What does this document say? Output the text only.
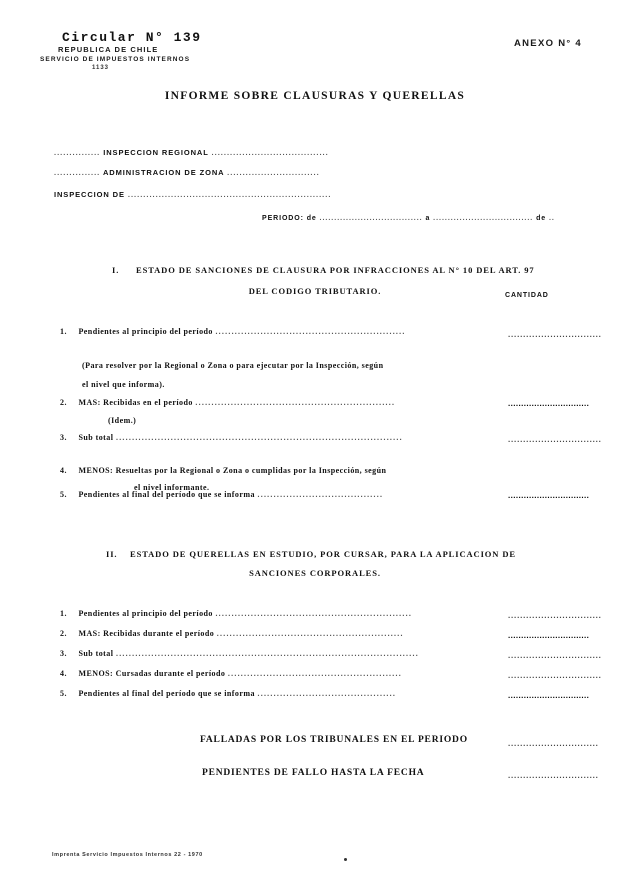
Circular N° 139
REPUBLICA DE CHILE
SERVICIO DE IMPUESTOS INTERNOS
1133
ANEXO N° 4
INFORME SOBRE CLAUSURAS Y QUERELLAS
............... INSPECCION REGIONAL ......................................
............... ADMINISTRACION DE ZONA ..............................
INSPECCION DE ..................................................................
PERIODO: de ................................... a .................................. de ..
I. ESTADO DE SANCIONES DE CLAUSURA POR INFRACCIONES AL N° 10 DEL ART. 97
DEL CODIGO TRIBUTARIO.	CANTIDAD
1. Pendientes al principio del período ...........................................................	...............................
(Para resolver por la Regional o Zona o para ejecutar por la Inspección, según
el nivel que informa).
2. MAS: Recibidas en el período ..............................................................	...............................
(Idem.)
3. Sub total .........................................................................................	...............................
4. MENOS: Resueltas por la Regional o Zona o cumplidas por la Inspección, según
el nivel informante.
5. Pendientes al final del período que se informa .......................................	...............................
II. ESTADO DE QUERELLAS EN ESTUDIO, POR CURSAR, PARA LA APLICACION DE
SANCIONES CORPORALES.
1. Pendientes al principio del período .............................................................	...............................
2. MAS: Recibidas durante el período ..........................................................	...............................
3. Sub total ..............................................................................................	...............................
4. MENOS: Cursadas durante el período ......................................................	...............................
5. Pendientes al final del período que se informa ...........................................	...............................
FALLADAS POR LOS TRIBUNALES EN EL PERIODO	..............................
PENDIENTES DE FALLO HASTA LA FECHA	..............................
Imprenta Servicio Impuestos Internos 22 - 1970
